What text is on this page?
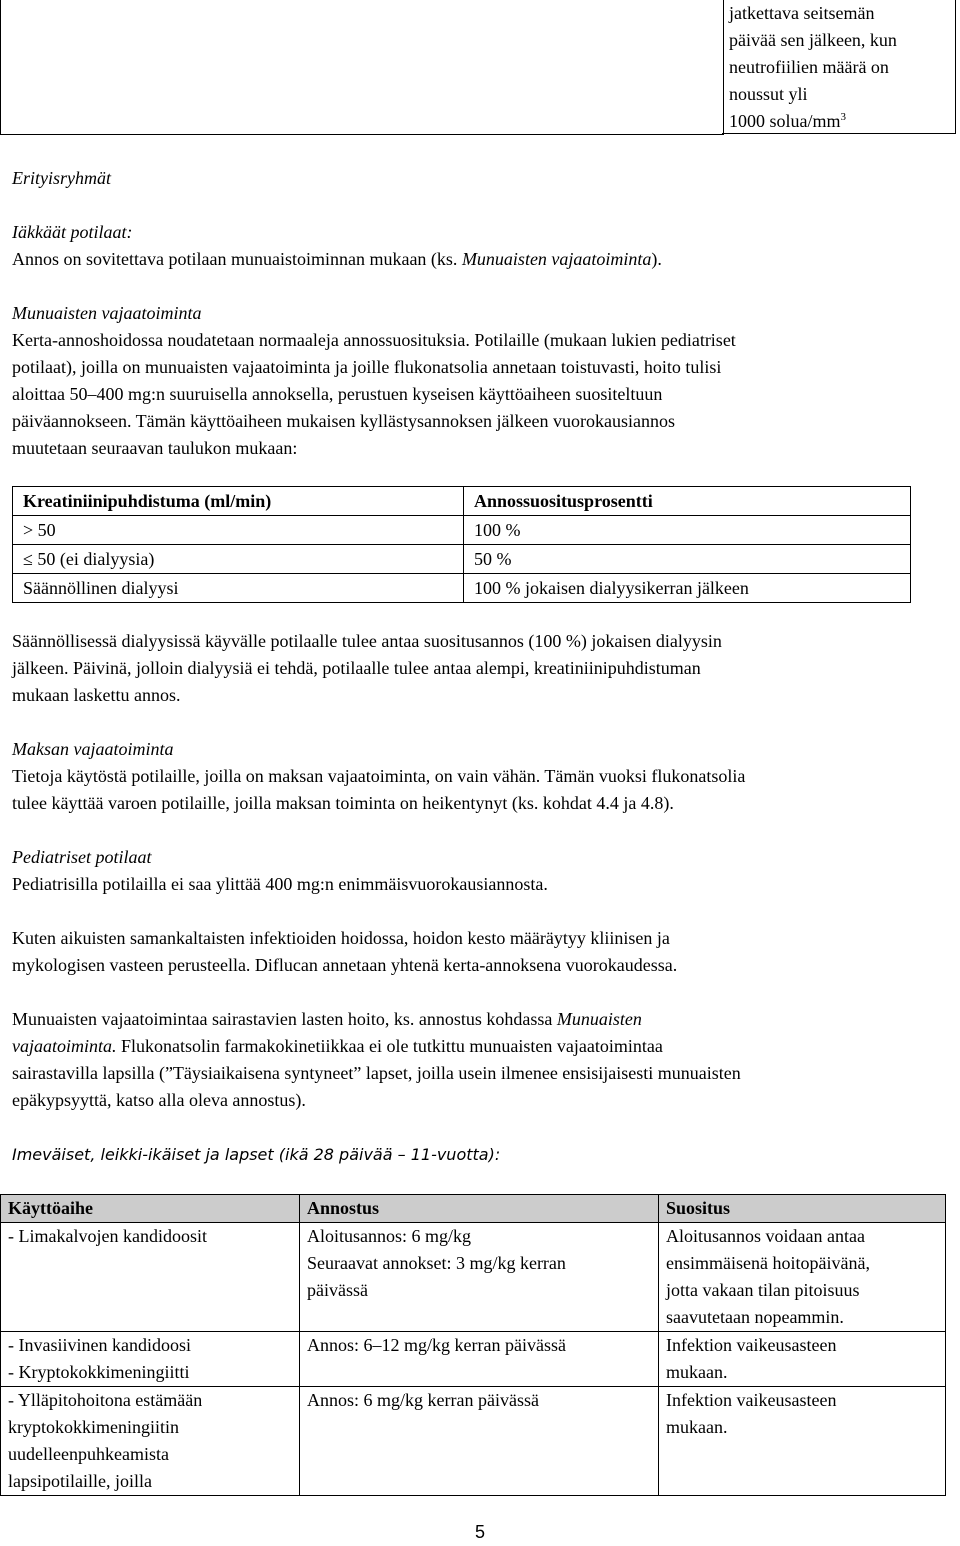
jatkettava seitsemän
päivää sen jälkeen, kun
neutrofiilien määrä on
noussut yli
1000 solua/$mm^3$

Erityisryhmät

Iäkkäät potilaat:

Annos on sovitettava potilaan munuaistoiminnan mukaan (ks. Munuaisten vajaatoiminta).

Munuaisten vajaatoiminta

Kerta-annoshoidossa noudatetaan normaaleja annossuosituksia. Potilaille (mukaan lukien pediatriset

potilaat), joilla on munuaisten vajaatoiminta ja joille flukonatsolia annetaan toistuvasti, hoito tulisi

aloittaa 50–400 mg:n suuruisella annoksella, perustuen kyseisen käyttöaiheen suositeltuun

päiväannokseen. Tämän käyttöaiheen mukaisen kyllästysannoksen jälkeen vuorokausiannos

muutetaan seuraavan taulukon mukaan:

Kreatiniinipuhdistuma (ml/min)	Annossuositusprosentti
> 50	100 %
≤ 50 (ei dialyysia)	50 %
Säännöllinen dialyysi	100 % jokaisen dialyysikerran jälkeen

Säännöllisessä dialyysissä käyvälle potilaalle tulee antaa suositusannos (100 %) jokaisen dialyysin

jälkeen. Päivinä, jolloin dialyysiä ei tehdä, potilaalle tulee antaa alempi, kreatiniinipuhdistuman

mukaan laskettu annos.

Maksan vajaatoiminta

Tietoja käytöstä potilaille, joilla on maksan vajaatoiminta, on vain vähän. Tämän vuoksi flukonatsolia

tulee käyttää varoen potilaille, joilla maksan toiminta on heikentynyt (ks. kohdat 4.4 ja 4.8).

Pediatriset potilaat

Pediatrisilla potilailla ei saa ylittää 400 mg:n enimmäisvuorokausiannosta.

Kuten aikuisten samankaltaisten infektioiden hoidossa, hoidon kesto määräytyy kliinisen ja

mykologisen vasteen perusteella. Diflucan annetaan yhtenä kerta-annoksena vuorokaudessa.

Munuaisten vajaatoimintaa sairastavien lasten hoito, ks. annostus kohdassa Munuaisten

vajaatoiminta. Flukonatsolin farmakokinetiikkaa ei ole tutkittu munuaisten vajaatoimintaa

sairastavilla lapsilla (”Täysiaikaisena syntyneet” lapset, joilla usein ilmenee ensisijaisesti munuaisten

epäkypsyyttä, katso alla oleva annostus).

Imeväiset, leikki-ikäiset ja lapset (ikä 28 päivää – 11-vuotta):

Käyttöaihe	Annostus	Suositus

- Limakalvojen kandidoosit	Aloitusannos: 6 mg/kg
Seuraavat annokset: 3 mg/kg kerran
päivässä	Aloitusannos voidaan antaa
ensimmäisenä hoitopäivänä,
jotta vakaan tilan pitoisuus
saavutetaan nopeammin.

- Invasiivinen kandidoosi
- Kryptokokkimeningiitti	Annos: 6–12 mg/kg kerran päivässä	Infektion vaikeusasteen
mukaan.

- Ylläpitohoitona estämään
kryptokokkimeningiitin
uudelleenpuhkeamista
lapsipotilaille, joilla	Annos: 6 mg/kg kerran päivässä	Infektion vaikeusasteen
mukaan.
5
